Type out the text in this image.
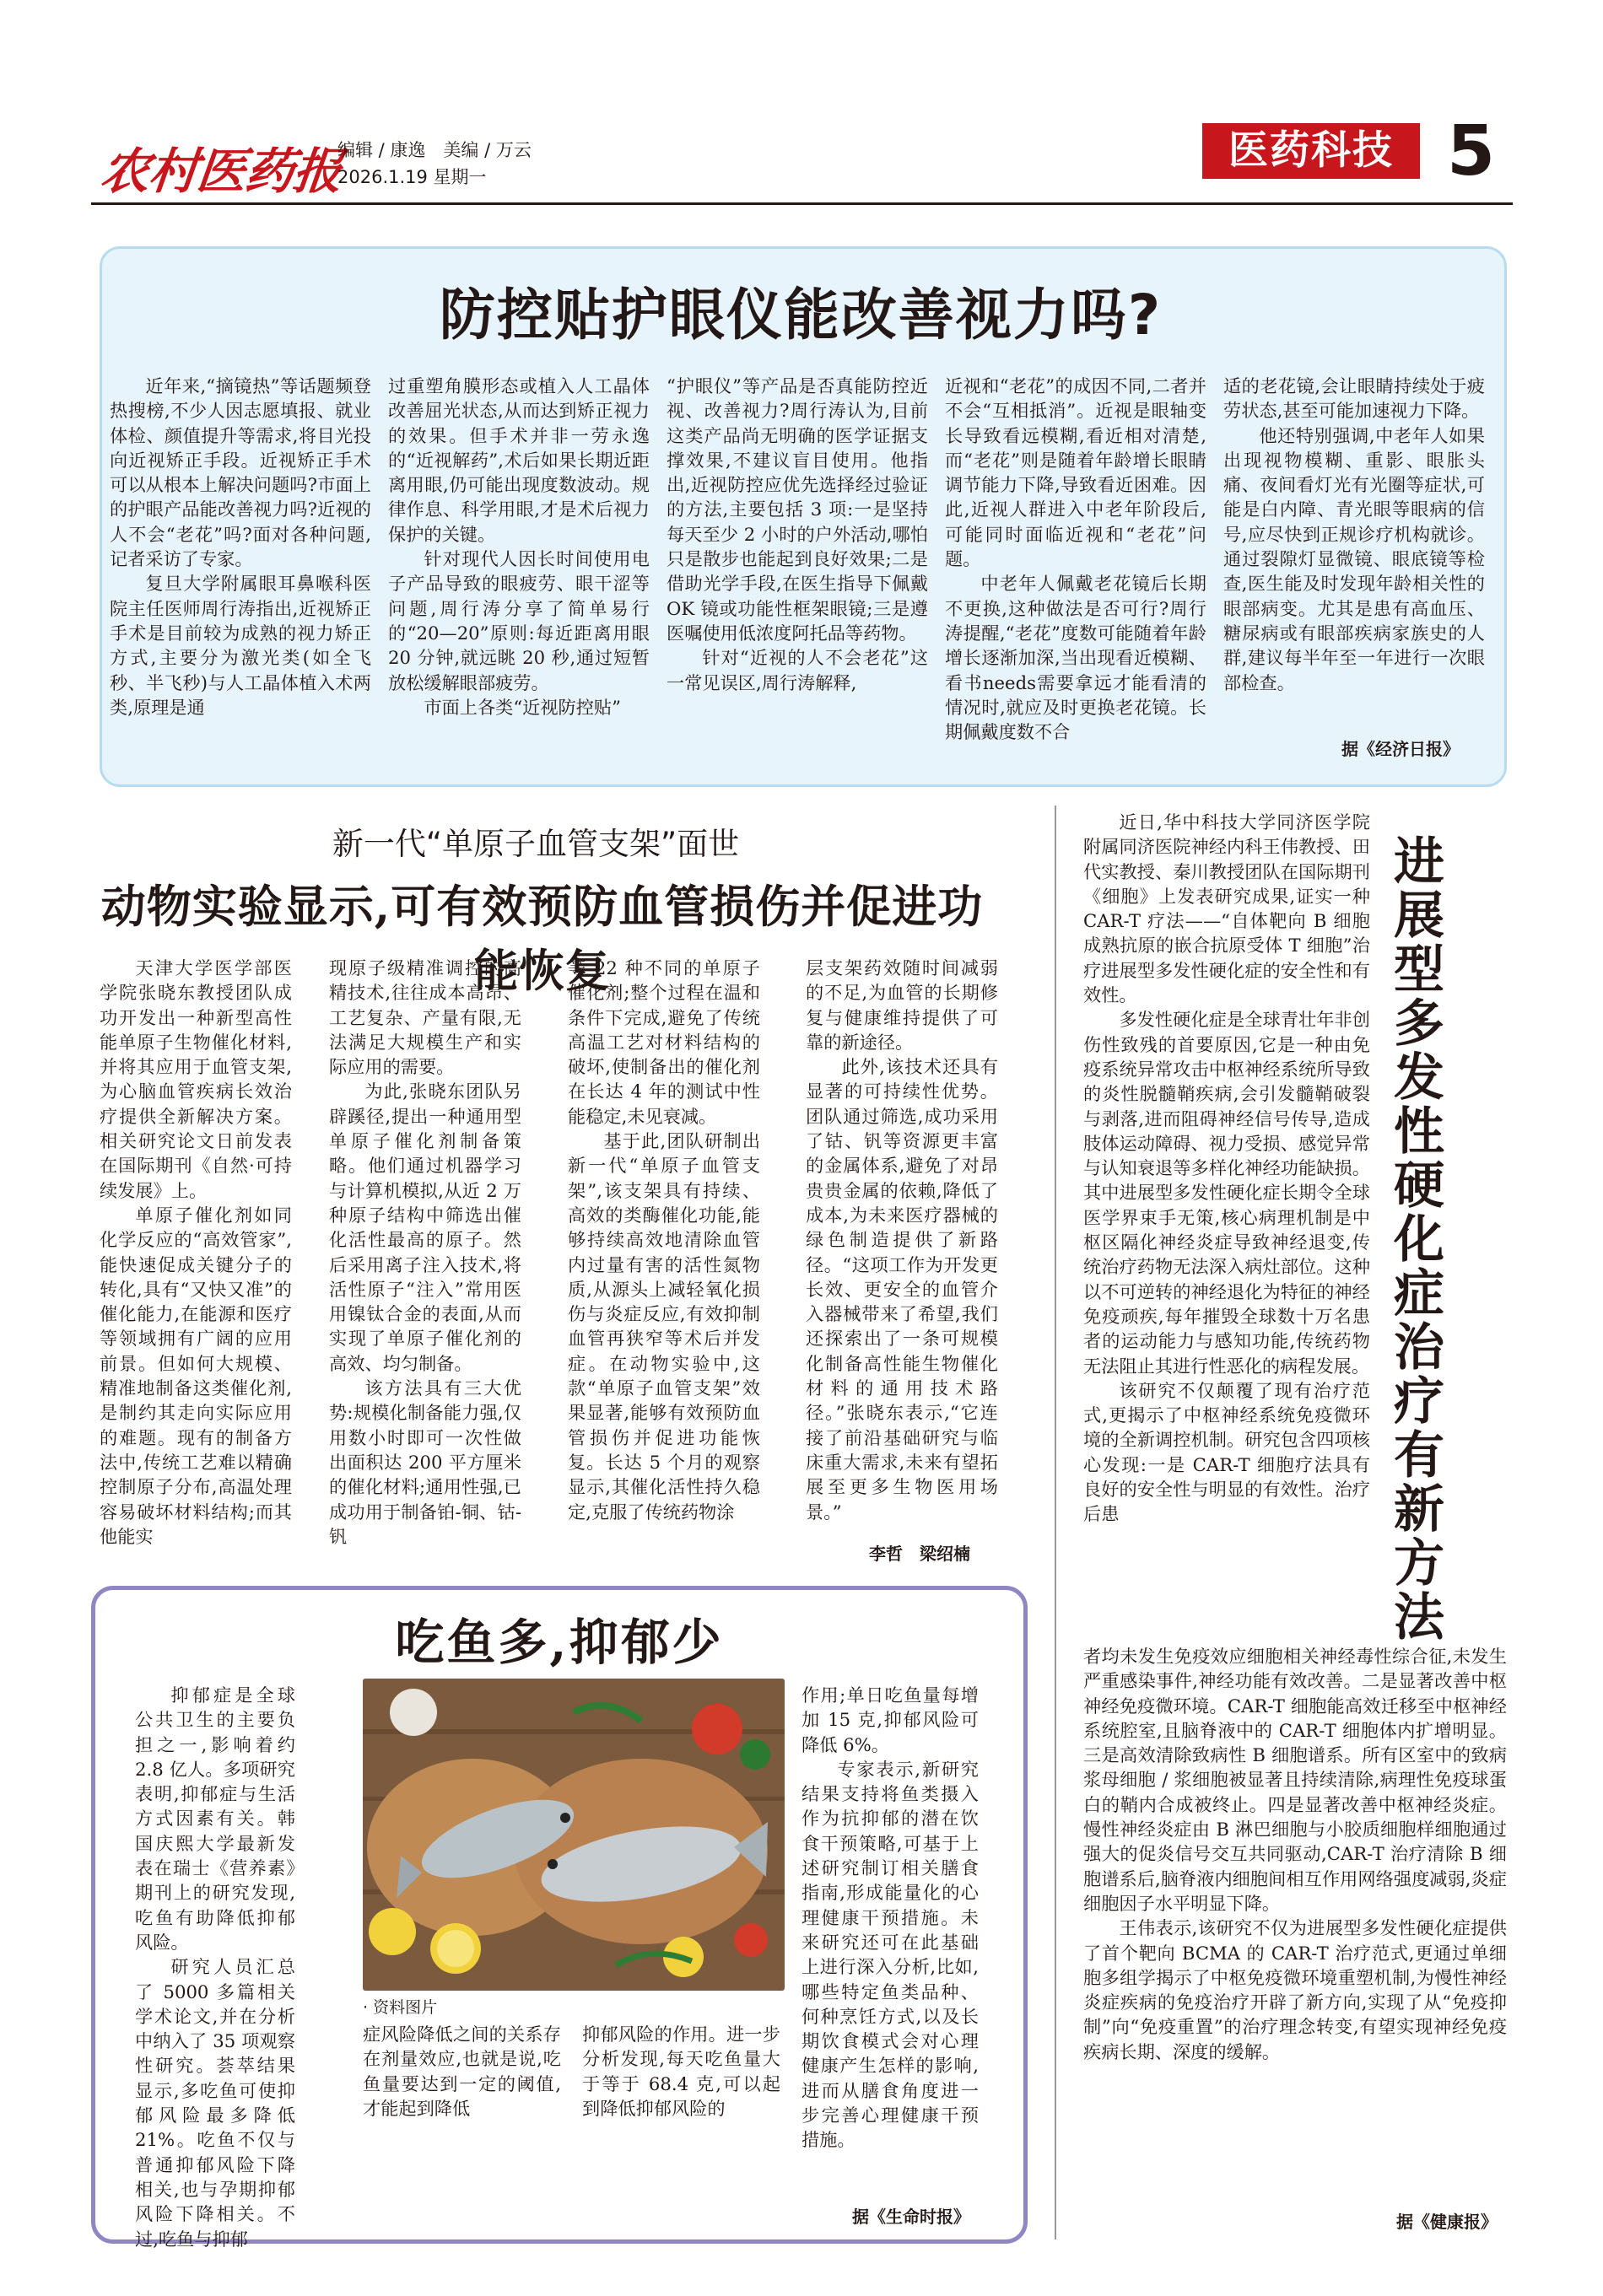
农村医药报
编辑 / 康逸　美编 / 万云
2026.1.19 星期一
医药科技 5
防控贴护眼仪能改善视力吗?

近年来,“摘镜热”等话题频登热搜榜,不少人因志愿填报、就业体检、颜值提升等需求,将目光投向近视矫正手段。近视矫正手术可以从根本上解决问题吗?市面上的护眼产品能改善视力吗?近视的人不会“老花”吗?面对各种问题,记者采访了专家。

复旦大学附属眼耳鼻喉科医院主任医师周行涛指出,近视矫正手术是目前较为成熟的视力矫正方式,主要分为激光类(如全飞秒、半飞秒)与人工晶体植入术两类,原理是通

过重塑角膜形态或植入人工晶体改善屈光状态,从而达到矫正视力的效果。但手术并非一劳永逸的“近视解药”,术后如果长期近距离用眼,仍可能出现度数波动。规律作息、科学用眼,才是术后视力保护的关键。

针对现代人因长时间使用电子产品导致的眼疲劳、眼干涩等问题,周行涛分享了简单易行的“20—20”原则:每近距离用眼 20 分钟,就远眺 20 秒,通过短暂放松缓解眼部疲劳。

市面上各类“近视防控贴”

“护眼仪”等产品是否真能防控近视、改善视力?周行涛认为,目前这类产品尚无明确的医学证据支撑效果,不建议盲目使用。他指出,近视防控应优先选择经过验证的方法,主要包括 3 项:一是坚持每天至少 2 小时的户外活动,哪怕只是散步也能起到良好效果;二是借助光学手段,在医生指导下佩戴 OK 镜或功能性框架眼镜;三是遵医嘱使用低浓度阿托品等药物。

针对“近视的人不会老花”这一常见误区,周行涛解释,

近视和“老花”的成因不同,二者并不会“互相抵消”。近视是眼轴变长导致看远模糊,看近相对清楚,而“老花”则是随着年龄增长眼睛调节能力下降,导致看近困难。因此,近视人群进入中老年阶段后,可能同时面临近视和“老花”问题。

中老年人佩戴老花镜后长期不更换,这种做法是否可行?周行涛提醒,“老花”度数可能随着年龄增长逐渐加深,当出现看近模糊、看书needs需要拿远才能看清的情况时,就应及时更换老花镜。长期佩戴度数不合

适的老花镜,会让眼睛持续处于疲劳状态,甚至可能加速视力下降。

他还特别强调,中老年人如果出现视物模糊、重影、眼胀头痛、夜间看灯光有光圈等症状,可能是白内障、青光眼等眼病的信号,应尽快到正规诊疗机构就诊。通过裂隙灯显微镜、眼底镜等检查,医生能及时发现年龄相关性的眼部病变。尤其是患有高血压、糖尿病或有眼部疾病家族史的人群,建议每半年至一年进行一次眼部检查。

据《经济日报》
新一代“单原子血管支架”面世
动物实验显示,可有效预防血管损伤并促进功能恢复

天津大学医学部医学院张晓东教授团队成功开发出一种新型高性能单原子生物催化材料,并将其应用于血管支架,为心脑血管疾病长效治疗提供全新解决方案。相关研究论文日前发表在国际期刊《自然·可持续发展》上。

单原子催化剂如同化学反应的“高效管家”,能快速促成关键分子的转化,具有“又快又准”的催化能力,在能源和医疗等领域拥有广阔的应用前景。但如何大规模、精准地制备这类催化剂,是制约其走向实际应用的难题。现有的制备方法中,传统工艺难以精确控制原子分布,高温处理容易破坏材料结构;而其他能实

现原子级精准调控的高精技术,往往成本高昂、工艺复杂、产量有限,无法满足大规模生产和实际应用的需要。

为此,张晓东团队另辟蹊径,提出一种通用型单原子催化剂制备策略。他们通过机器学习与计算机模拟,从近 2 万种原子结构中筛选出催化活性最高的原子。然后采用离子注入技术,将活性原子“注入”常用医用镍钛合金的表面,从而实现了单原子催化剂的高效、均匀制备。

该方法具有三大优势:规模化制备能力强,仅用数小时即可一次性做出面积达 200 平方厘米的催化材料;通用性强,已成功用于制备铂-铜、钴-钒

等 22 种不同的单原子催化剂;整个过程在温和条件下完成,避免了传统高温工艺对材料结构的破坏,使制备出的催化剂在长达 4 年的测试中性能稳定,未见衰减。

基于此,团队研制出新一代“单原子血管支架”,该支架具有持续、高效的类酶催化功能,能够持续高效地清除血管内过量有害的活性氮物质,从源头上减轻氧化损伤与炎症反应,有效抑制血管再狭窄等术后并发症。在动物实验中,这款“单原子血管支架”效果显著,能够有效预防血管损伤并促进功能恢复。长达 5 个月的观察显示,其催化活性持久稳定,克服了传统药物涂

层支架药效随时间减弱的不足,为血管的长期修复与健康维持提供了可靠的新途径。

此外,该技术还具有显著的可持续性优势。团队通过筛选,成功采用了钴、钒等资源更丰富的金属体系,避免了对昂贵贵金属的依赖,降低了成本,为未来医疗器械的绿色制造提供了新路径。“这项工作为开发更长效、更安全的血管介入器械带来了希望,我们还探索出了一条可规模化制备高性能生物催化材料的通用技术路径。”张晓东表示,“它连接了前沿基础研究与临床重大需求,未来有望拓展至更多生物医用场景。”

李哲　梁绍楠
吃鱼多,抑郁少

抑郁症是全球公共卫生的主要负担之一,影响着约 2.8 亿人。多项研究表明,抑郁症与生活方式因素有关。韩国庆熙大学最新发表在瑞士《营养素》期刊上的研究发现,吃鱼有助降低抑郁风险。

研究人员汇总了 5000 多篇相关学术论文,并在分析中纳入了 35 项观察性研究。荟萃结果显示,多吃鱼可使抑郁风险最多降低 21%。吃鱼不仅与普通抑郁风险下降相关,也与孕期抑郁风险下降相关。不过,吃鱼与抑郁

· 资料图片

症风险降低之间的关系存在剂量效应,也就是说,吃鱼量要达到一定的阈值,才能起到降低

抑郁风险的作用。进一步分析发现,每天吃鱼量大于等于 68.4 克,可以起到降低抑郁风险的

作用;单日吃鱼量每增加 15 克,抑郁风险可降低 6%。

专家表示,新研究结果支持将鱼类摄入作为抗抑郁的潜在饮食干预策略,可基于上述研究制订相关膳食指南,形成能量化的心理健康干预措施。未来研究还可在此基础上进行深入分析,比如,哪些特定鱼类品种、何种烹饪方式,以及长期饮食模式会对心理健康产生怎样的影响,进而从膳食角度进一步完善心理健康干预措施。

据《生命时报》
进展型多发性硬化症治疗有新方法

近日,华中科技大学同济医学院附属同济医院神经内科王伟教授、田代实教授、秦川教授团队在国际期刊《细胞》上发表研究成果,证实一种 CAR-T 疗法——“自体靶向 B 细胞成熟抗原的嵌合抗原受体 T 细胞”治疗进展型多发性硬化症的安全性和有效性。

多发性硬化症是全球青壮年非创伤性致残的首要原因,它是一种由免疫系统异常攻击中枢神经系统所导致的炎性脱髓鞘疾病,会引发髓鞘破裂与剥落,进而阻碍神经信号传导,造成肢体运动障碍、视力受损、感觉异常与认知衰退等多样化神经功能缺损。其中进展型多发性硬化症长期令全球医学界束手无策,核心病理机制是中枢区隔化神经炎症导致神经退变,传统治疗药物无法深入病灶部位。这种以不可逆转的神经退化为特征的神经免疫顽疾,每年摧毁全球数十万名患者的运动能力与感知功能,传统药物无法阻止其进行性恶化的病程发展。

该研究不仅颠覆了现有治疗范式,更揭示了中枢神经系统免疫微环境的全新调控机制。研究包含四项核心发现:一是 CAR-T 细胞疗法具有良好的安全性与明显的有效性。治疗后患

者均未发生免疫效应细胞相关神经毒性综合征,未发生严重感染事件,神经功能有效改善。二是显著改善中枢神经免疫微环境。CAR-T 细胞能高效迁移至中枢神经系统腔室,且脑脊液中的 CAR-T 细胞体内扩增明显。三是高效清除致病性 B 细胞谱系。所有区室中的致病浆母细胞 / 浆细胞被显著且持续清除,病理性免疫球蛋白的鞘内合成被终止。四是显著改善中枢神经炎症。慢性神经炎症由 B 淋巴细胞与小胶质细胞样细胞通过强大的促炎信号交互共同驱动,CAR-T 治疗清除 B 细胞谱系后,脑脊液内细胞间相互作用网络强度减弱,炎症细胞因子水平明显下降。

王伟表示,该研究不仅为进展型多发性硬化症提供了首个靶向 BCMA 的 CAR-T 治疗范式,更通过单细胞多组学揭示了中枢免疫微环境重塑机制,为慢性神经炎症疾病的免疫治疗开辟了新方向,实现了从“免疫抑制”向“免疫重置”的治疗理念转变,有望实现神经免疫疾病长期、深度的缓解。

据《健康报》
